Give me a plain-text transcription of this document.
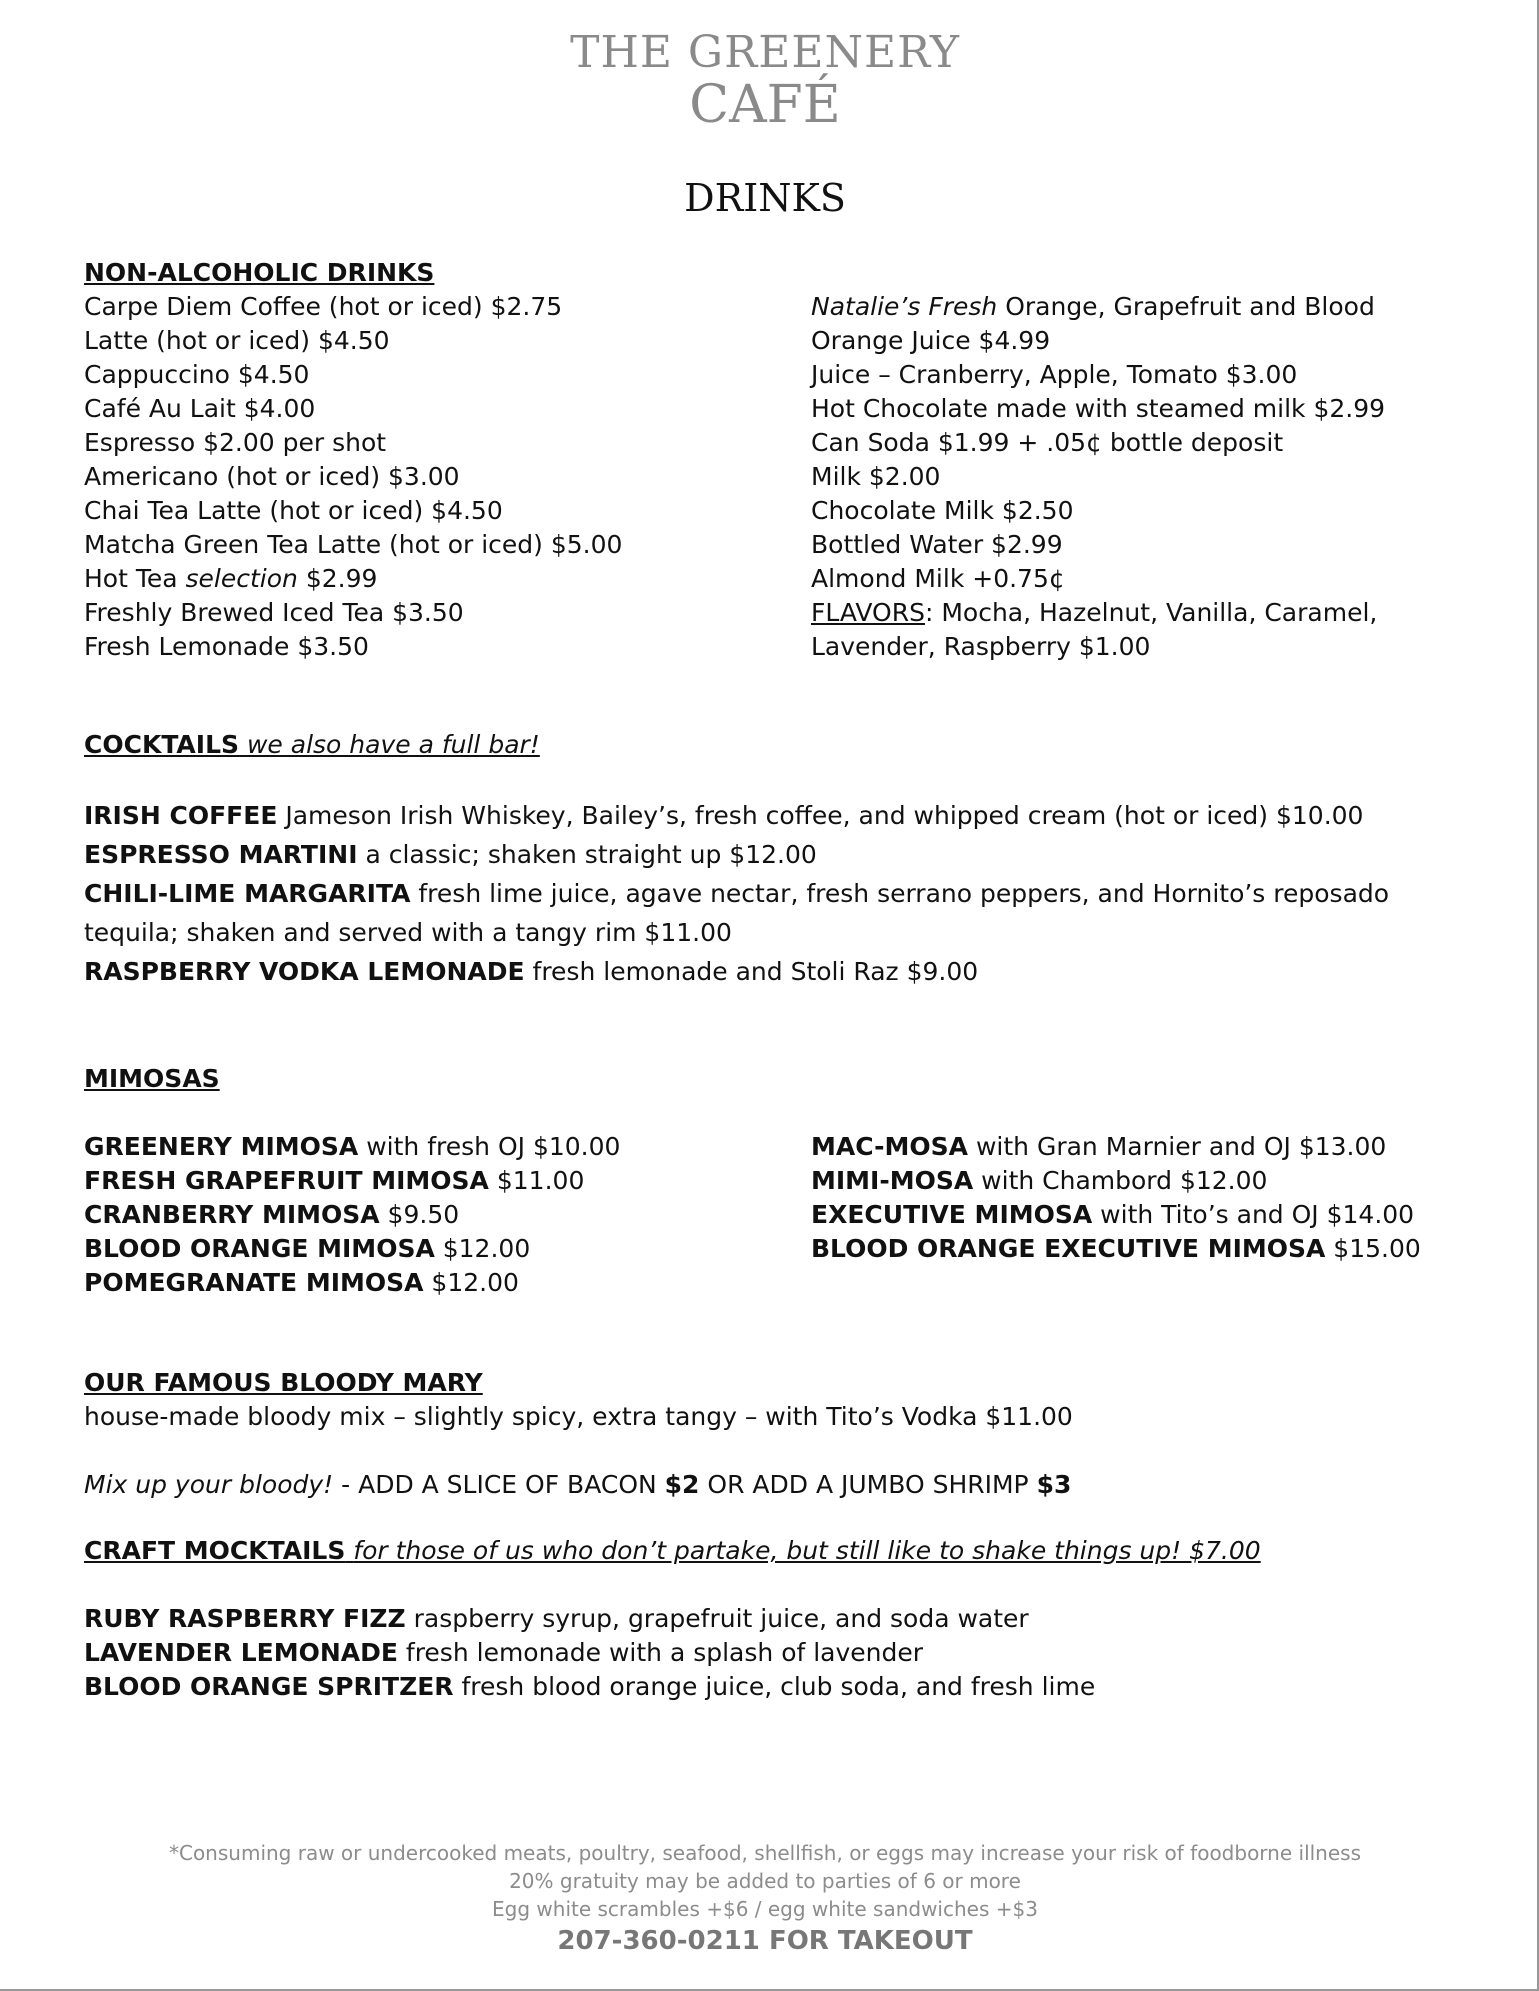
THE GREENERY
CAFÉ
DRINKS
NON-ALCOHOLIC DRINKS
Carpe Diem Coffee (hot or iced) $2.75
Latte (hot or iced) $4.50
Cappuccino $4.50
Café Au Lait $4.00
Espresso $2.00 per shot
Americano (hot or iced) $3.00
Chai Tea Latte (hot or iced) $4.50
Matcha Green Tea Latte (hot or iced) $5.00
Hot Tea selection $2.99
Freshly Brewed Iced Tea $3.50
Fresh Lemonade $3.50
Natalie’s Fresh Orange, Grapefruit and Blood
Orange Juice $4.99
Juice – Cranberry, Apple, Tomato $3.00
Hot Chocolate made with steamed milk $2.99
Can Soda $1.99 + .05¢ bottle deposit
Milk $2.00
Chocolate Milk $2.50
Bottled Water $2.99
Almond Milk +0.75¢
FLAVORS: Mocha, Hazelnut, Vanilla, Caramel,
Lavender, Raspberry $1.00
COCKTAILS we also have a full bar!
IRISH COFFEE Jameson Irish Whiskey, Bailey’s, fresh coffee, and whipped cream (hot or iced) $10.00
ESPRESSO MARTINI a classic; shaken straight up $12.00
CHILI-LIME MARGARITA fresh lime juice, agave nectar, fresh serrano peppers, and Hornito’s reposado
tequila; shaken and served with a tangy rim $11.00
RASPBERRY VODKA LEMONADE fresh lemonade and Stoli Raz $9.00
MIMOSAS
GREENERY MIMOSA with fresh OJ $10.00
FRESH GRAPEFRUIT MIMOSA $11.00
CRANBERRY MIMOSA $9.50
BLOOD ORANGE MIMOSA $12.00
POMEGRANATE MIMOSA $12.00
MAC-MOSA with Gran Marnier and OJ $13.00
MIMI-MOSA with Chambord $12.00
EXECUTIVE MIMOSA with Tito’s and OJ $14.00
BLOOD ORANGE EXECUTIVE MIMOSA $15.00
OUR FAMOUS BLOODY MARY
house-made bloody mix – slightly spicy, extra tangy – with Tito’s Vodka $11.00
Mix up your bloody! - ADD A SLICE OF BACON $2 OR ADD A JUMBO SHRIMP $3
CRAFT MOCKTAILS for those of us who don’t partake, but still like to shake things up! $7.00
RUBY RASPBERRY FIZZ raspberry syrup, grapefruit juice, and soda water
LAVENDER LEMONADE fresh lemonade with a splash of lavender
BLOOD ORANGE SPRITZER fresh blood orange juice, club soda, and fresh lime
*Consuming raw or undercooked meats, poultry, seafood, shellfish, or eggs may increase your risk of foodborne illness
20% gratuity may be added to parties of 6 or more
Egg white scrambles +$6 / egg white sandwiches +$3
207-360-0211 FOR TAKEOUT
